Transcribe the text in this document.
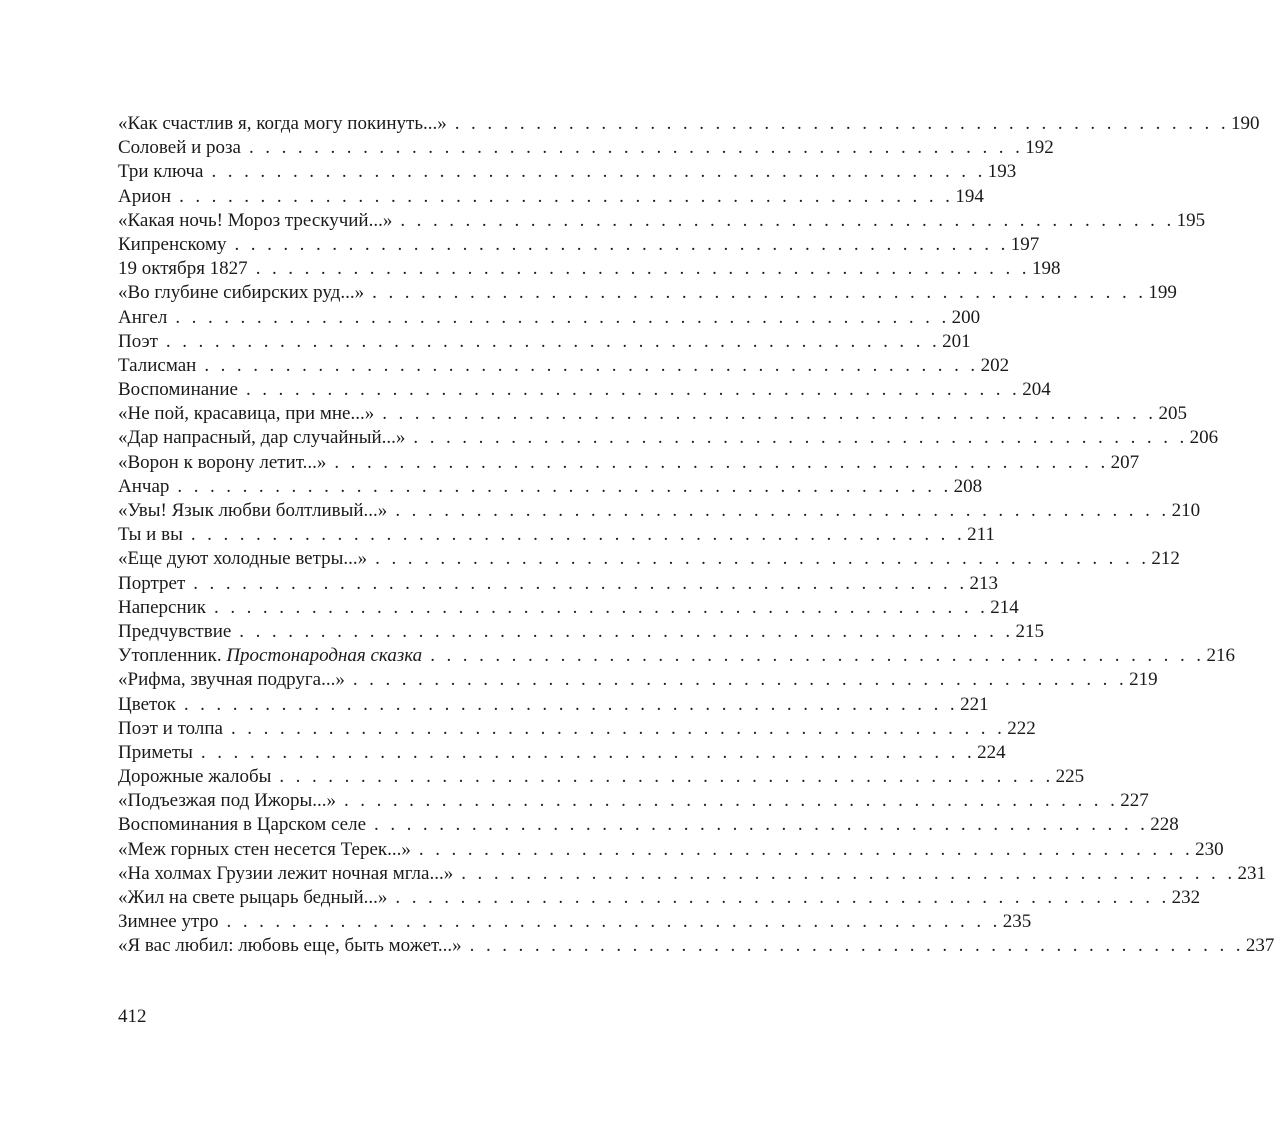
«Как счастлив я, когда могу покинуть...» . . . . . . . . . . . . . . . . . . . . . . . . . . . . . . . . . . . . . . . . . . . . . . . . 190
Соловей и роза . . . . . . . . . . . . . . . . . . . . . . . . . . . . . . . . . . . . . . . . . . . . . . . . 192
Три ключа . . . . . . . . . . . . . . . . . . . . . . . . . . . . . . . . . . . . . . . . . . . . . . . . 193
Арион . . . . . . . . . . . . . . . . . . . . . . . . . . . . . . . . . . . . . . . . . . . . . . . . 194
«Какая ночь! Мороз трескучий...» . . . . . . . . . . . . . . . . . . . . . . . . . . . . . . . . . . . . . . . . . . . . . . . . 195
Кипренскому . . . . . . . . . . . . . . . . . . . . . . . . . . . . . . . . . . . . . . . . . . . . . . . . 197
19 октября 1827 . . . . . . . . . . . . . . . . . . . . . . . . . . . . . . . . . . . . . . . . . . . . . . . . 198
«Во глубине сибирских руд...» . . . . . . . . . . . . . . . . . . . . . . . . . . . . . . . . . . . . . . . . . . . . . . . . 199
Ангел . . . . . . . . . . . . . . . . . . . . . . . . . . . . . . . . . . . . . . . . . . . . . . . . 200
Поэт . . . . . . . . . . . . . . . . . . . . . . . . . . . . . . . . . . . . . . . . . . . . . . . . 201
Талисман . . . . . . . . . . . . . . . . . . . . . . . . . . . . . . . . . . . . . . . . . . . . . . . . 202
Воспоминание . . . . . . . . . . . . . . . . . . . . . . . . . . . . . . . . . . . . . . . . . . . . . . . . 204
«Не пой, красавица, при мне...» . . . . . . . . . . . . . . . . . . . . . . . . . . . . . . . . . . . . . . . . . . . . . . . . 205
«Дар напрасный, дар случайный...» . . . . . . . . . . . . . . . . . . . . . . . . . . . . . . . . . . . . . . . . . . . . . . . . 206
«Ворон к ворону летит...» . . . . . . . . . . . . . . . . . . . . . . . . . . . . . . . . . . . . . . . . . . . . . . . . 207
Анчар . . . . . . . . . . . . . . . . . . . . . . . . . . . . . . . . . . . . . . . . . . . . . . . . 208
«Увы! Язык любви болтливый...» . . . . . . . . . . . . . . . . . . . . . . . . . . . . . . . . . . . . . . . . . . . . . . . . 210
Ты и вы . . . . . . . . . . . . . . . . . . . . . . . . . . . . . . . . . . . . . . . . . . . . . . . . 211
«Еще дуют холодные ветры...» . . . . . . . . . . . . . . . . . . . . . . . . . . . . . . . . . . . . . . . . . . . . . . . . 212
Портрет . . . . . . . . . . . . . . . . . . . . . . . . . . . . . . . . . . . . . . . . . . . . . . . . 213
Наперсник . . . . . . . . . . . . . . . . . . . . . . . . . . . . . . . . . . . . . . . . . . . . . . . . 214
Предчувствие . . . . . . . . . . . . . . . . . . . . . . . . . . . . . . . . . . . . . . . . . . . . . . . . 215
Утопленник. Простонародная сказка . . . . . . . . . . . . . . . . . . . . . . . . . . . . . . . . . . . . . . . . . . . . . . . . 216
«Рифма, звучная подруга...» . . . . . . . . . . . . . . . . . . . . . . . . . . . . . . . . . . . . . . . . . . . . . . . . 219
Цветок . . . . . . . . . . . . . . . . . . . . . . . . . . . . . . . . . . . . . . . . . . . . . . . . 221
Поэт и толпа . . . . . . . . . . . . . . . . . . . . . . . . . . . . . . . . . . . . . . . . . . . . . . . . 222
Приметы . . . . . . . . . . . . . . . . . . . . . . . . . . . . . . . . . . . . . . . . . . . . . . . . 224
Дорожные жалобы . . . . . . . . . . . . . . . . . . . . . . . . . . . . . . . . . . . . . . . . . . . . . . . . 225
«Подъезжая под Ижоры...» . . . . . . . . . . . . . . . . . . . . . . . . . . . . . . . . . . . . . . . . . . . . . . . . 227
Воспоминания в Царском селе . . . . . . . . . . . . . . . . . . . . . . . . . . . . . . . . . . . . . . . . . . . . . . . . 228
«Меж горных стен несется Терек...» . . . . . . . . . . . . . . . . . . . . . . . . . . . . . . . . . . . . . . . . . . . . . . . . 230
«На холмах Грузии лежит ночная мгла...» . . . . . . . . . . . . . . . . . . . . . . . . . . . . . . . . . . . . . . . . . . . . . . . . 231
«Жил на свете рыцарь бедный...» . . . . . . . . . . . . . . . . . . . . . . . . . . . . . . . . . . . . . . . . . . . . . . . . 232
Зимнее утро . . . . . . . . . . . . . . . . . . . . . . . . . . . . . . . . . . . . . . . . . . . . . . . . 235
«Я вас любил: любовь еще, быть может...» . . . . . . . . . . . . . . . . . . . . . . . . . . . . . . . . . . . . . . . . . . . . . . . . 237
412
